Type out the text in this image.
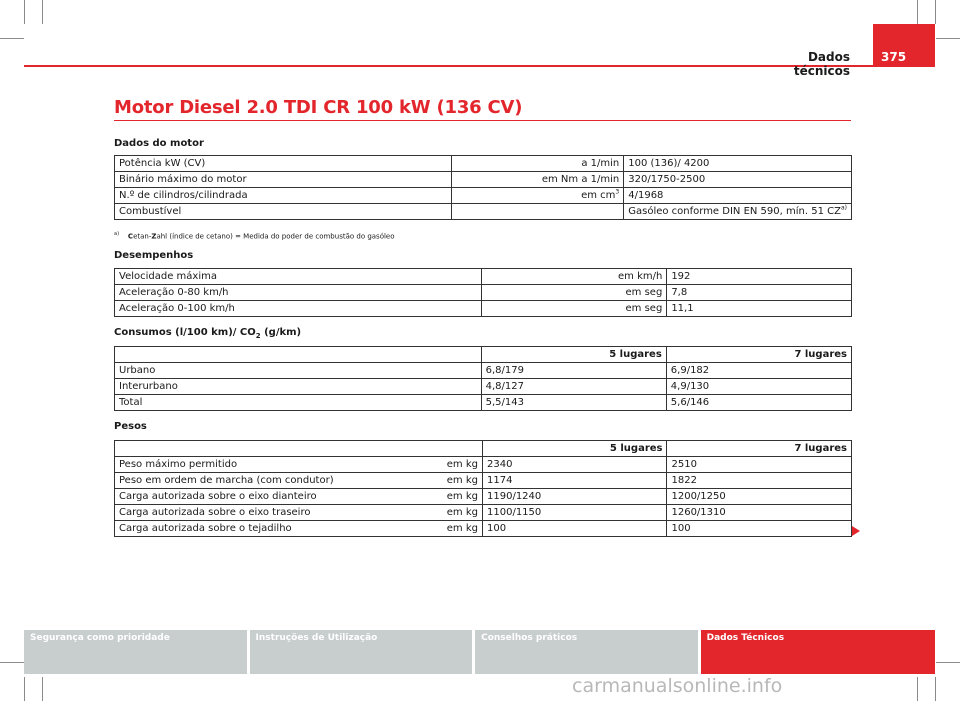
Dados técnicos
375
Motor Diesel 2.0 TDI CR 100 kW (136 CV)
Dados do motor
Potência kW (CV)	a 1/min	100 (136)/ 4200
Binário máximo do motor	em Nm a 1/min	320/1750-2500
N.º de cilindros/cilindrada	em $cm^3$	4/1968
Combustível		Gasóleo conforme DIN EN 590, mín. 51 CZ$^{a)}$
$^{a)}$ Cetan-Zahl (índice de cetano) = Medida do poder de combustão do gasóleo
Desempenhos
Velocidade máxima	em km/h	192
Aceleração 0-80 km/h	em seg	7,8
Aceleração 0-100 km/h	em seg	11,1
Consumos (l/100 km)/ $CO_2$ (g/km)
	5 lugares	7 lugares
Urbano	6,8/179	6,9/182
Interurbano	4,8/127	4,9/130
Total	5,5/143	5,6/146
Pesos
	5 lugares	7 lugares
Peso máximo permitido em kg	2340	2510
Peso em ordem de marcha (com condutor) em kg	1174	1822
Carga autorizada sobre o eixo dianteiro em kg	1190/1240	1200/1250
Carga autorizada sobre o eixo traseiro em kg	1100/1150	1260/1310
Carga autorizada sobre o tejadilho em kg	100	100
Segurança como prioridade	Instruções de Utilização	Conselhos práticos	Dados Técnicos
carmanualsonline.info
